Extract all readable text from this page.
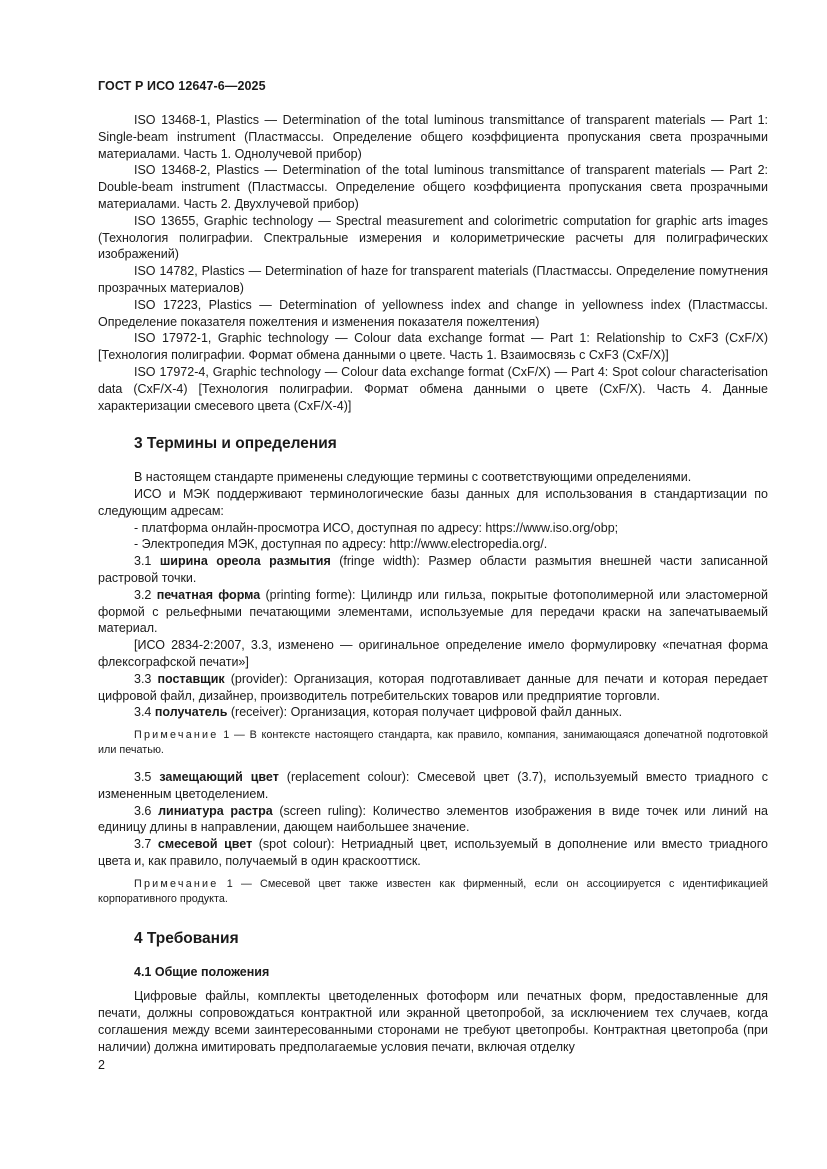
ГОСТ Р ИСО 12647-6—2025

ISO 13468-1, Plastics — Determination of the total luminous transmittance of transparent materials — Part 1: Single-beam instrument (Пластмассы. Определение общего коэффициента пропускания света прозрачными материалами. Часть 1. Однолучевой прибор)

ISO 13468-2, Plastics — Determination of the total luminous transmittance of transparent materials — Part 2: Double-beam instrument (Пластмассы. Определение общего коэффициента пропускания света прозрачными материалами. Часть 2. Двухлучевой прибор)

ISO 13655, Graphic technology — Spectral measurement and colorimetric computation for graphic arts images (Технология полиграфии. Спектральные измерения и колориметрические расчеты для полиграфических изображений)

ISO 14782, Plastics — Determination of haze for transparent materials (Пластмассы. Определение помутнения прозрачных материалов)

ISO 17223, Plastics — Determination of yellowness index and change in yellowness index (Пластмассы. Определение показателя пожелтения и изменения показателя пожелтения)

ISO 17972-1, Graphic technology — Colour data exchange format — Part 1: Relationship to CxF3 (CxF/X) [Технология полиграфии. Формат обмена данными о цвете. Часть 1. Взаимосвязь с CxF3 (CxF/X)]

ISO 17972-4, Graphic technology — Colour data exchange format (CxF/X) — Part 4: Spot colour characterisation data (CxF/X-4) [Технология полиграфии. Формат обмена данными о цвете (CxF/X). Часть 4. Данные характеризации смесевого цвета (CxF/X-4)]

3 Термины и определения

В настоящем стандарте применены следующие термины с соответствующими определениями.

ИСО и МЭК поддерживают терминологические базы данных для использования в стандартизации по следующим адресам:

- платформа онлайн-просмотра ИСО, доступная по адресу: https://www.iso.org/obp;

- Электропедия МЭК, доступная по адресу: http://www.electropedia.org/.

3.1 ширина ореола размытия (fringe width): Размер области размытия внешней части записанной растровой точки.

3.2 печатная форма (printing forme): Цилиндр или гильза, покрытые фотополимерной или эластомерной формой с рельефными печатающими элементами, используемые для передачи краски на запечатываемый материал.

[ИСО 2834-2:2007, 3.3, изменено — оригинальное определение имело формулировку «печатная форма флексографской печати»]

3.3 поставщик (provider): Организация, которая подготавливает данные для печати и которая передает цифровой файл, дизайнер, производитель потребительских товаров или предприятие торговли.

3.4 получатель (receiver): Организация, которая получает цифровой файл данных.

Примечание 1 — В контексте настоящего стандарта, как правило, компания, занимающаяся допечатной подготовкой или печатью.

3.5 замещающий цвет (replacement colour): Смесевой цвет (3.7), используемый вместо триадного с измененным цветоделением.

3.6 линиатура растра (screen ruling): Количество элементов изображения в виде точек или линий на единицу длины в направлении, дающем наибольшее значение.

3.7 смесевой цвет (spot colour): Нетриадный цвет, используемый в дополнение или вместо триадного цвета и, как правило, получаемый в один краскооттиск.

Примечание 1 — Смесевой цвет также известен как фирменный, если он ассоциируется с идентификацией корпоративного продукта.

4 Требования

4.1 Общие положения

Цифровые файлы, комплекты цветоделенных фотоформ или печатных форм, предоставленные для печати, должны сопровождаться контрактной или экранной цветопробой, за исключением тех случаев, когда соглашения между всеми заинтересованными сторонами не требуют цветопробы. Контрактная цветопроба (при наличии) должна имитировать предполагаемые условия печати, включая отделку

2
